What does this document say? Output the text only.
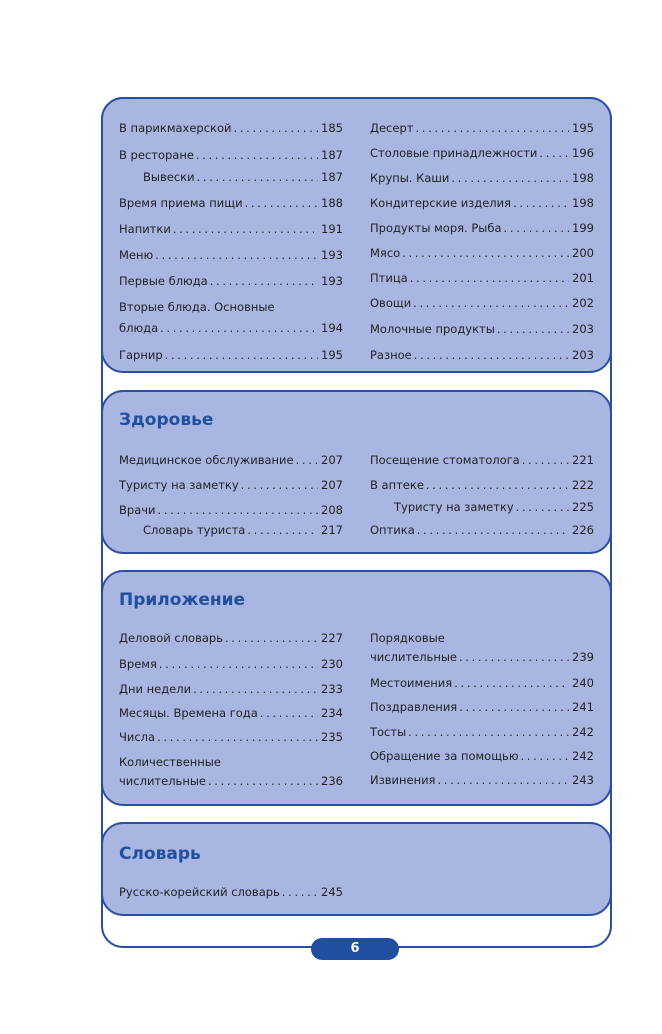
В парикмахерской . . .	185
В ресторане . . .	187
Вывески . . .	187
Время приема пищи . . .	188
Напитки . . .	191
Меню . . .	193
Первые блюда . . .	193
Вторые блюда. Основные
блюда . . .	194
Гарнир . . .	195
Десерт . . .	195
Столовые принадлежности . . .	196
Крупы. Каши . . .	198
Кондитерские изделия . . .	198
Продукты моря. Рыба . . .	199
Мясо . . .	200
Птица . . .	201
Овощи . . .	202
Молочные продукты . . .	203
Разное . . .	203
Здоровье
Медицинское обслуживание . . . 207
Туристу на заметку . . .	207
Врачи . . .	208
Словарь туриста . . .	217
Посещение стоматолога . . .	221
В аптеке . . .	222
Туристу на заметку . . .	225
Оптика . . .	226
Приложение
Деловой словарь . . .	227
Время . . .	230
Дни недели . . .	233
Месяцы. Времена года . . .	234
Числа . . .	235
Количественные
числительные . . .	236
Порядковые
числительные . . .	239
Местоимения . . .	240
Поздравления . . .	241
Тосты . . .	242
Обращение за помощью . . .	242
Извинения . . .	243
Словарь
Русско-корейский словарь . . .	245
6
